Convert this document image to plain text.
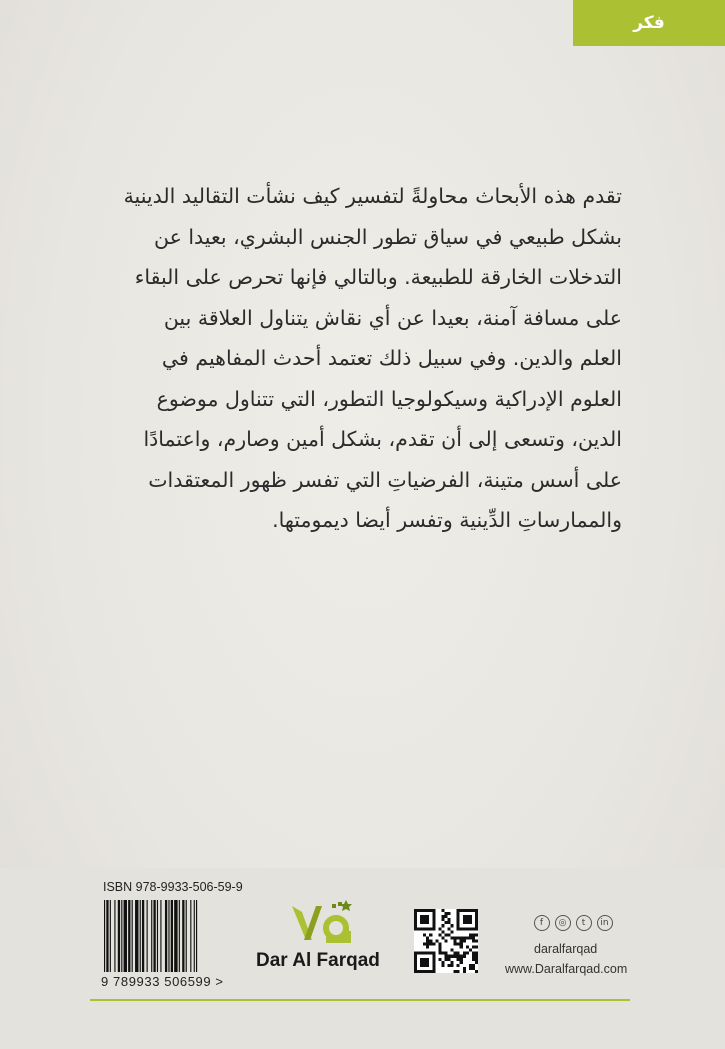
فكر
تقدم هذه الأبحاث محاولةً لتفسير كيف نشأت التقاليد الدينية
بشكل طبيعي في سياق تطور الجنس البشري، بعيدا عن
التدخلات الخارقة للطبيعة. وبالتالي فإنها تحرص على البقاء
على مسافة آمنة، بعيدا عن أي نقاش يتناول العلاقة بين
العلم والدين. وفي سبيل ذلك تعتمد أحدث المفاهيم في
العلوم الإدراكية وسيكولوجيا التطور، التي تتناول موضوع
الدين، وتسعى إلى أن تقدم، بشكل أمين وصارم، واعتمادًا
على أسس متينة، الفرضياتِ التي تفسر ظهور المعتقدات
والممارساتِ الدِّينية وتفسر أيضا ديمومتها.
ISBN 978-9933-506-59-9
9 789933 506599 >
Dar Al Farqad
f	◎	t	in
daralfarqad
www.Daralfarqad.com
